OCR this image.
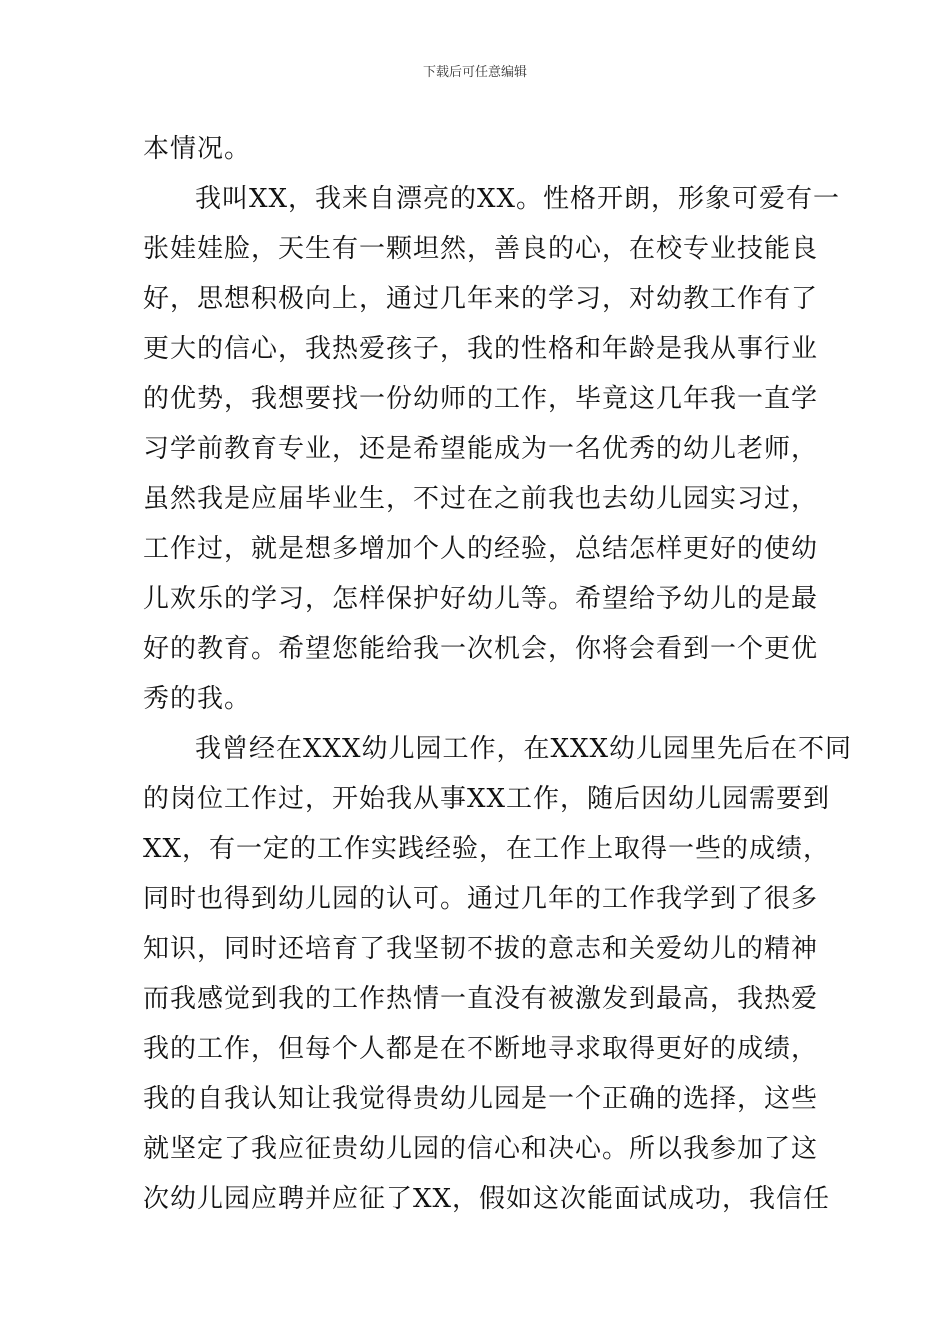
下载后可任意编辑
本情况。
我叫XX，我来自漂亮的XX。性格开朗，形象可爱有一
张娃娃脸，天生有一颗坦然，善良的心，在校专业技能良
好，思想积极向上，通过几年来的学习，对幼教工作有了
更大的信心，我热爱孩子，我的性格和年龄是我从事行业
的优势，我想要找一份幼师的工作，毕竟这几年我一直学
习学前教育专业，还是希望能成为一名优秀的幼儿老师，
虽然我是应届毕业生，不过在之前我也去幼儿园实习过，
工作过，就是想多增加个人的经验，总结怎样更好的使幼
儿欢乐的学习，怎样保护好幼儿等。希望给予幼儿的是最
好的教育。希望您能给我一次机会，你将会看到一个更优
秀的我。
我曾经在XXX幼儿园工作，在XXX幼儿园里先后在不同
的岗位工作过，开始我从事XX工作，随后因幼儿园需要到
XX，有一定的工作实践经验，在工作上取得一些的成绩，
同时也得到幼儿园的认可。通过几年的工作我学到了很多
知识，同时还培育了我坚韧不拔的意志和关爱幼儿的精神
而我感觉到我的工作热情一直没有被激发到最高，我热爱
我的工作，但每个人都是在不断地寻求取得更好的成绩，
我的自我认知让我觉得贵幼儿园是一个正确的选择，这些
就坚定了我应征贵幼儿园的信心和决心。所以我参加了这
次幼儿园应聘并应征了XX，假如这次能面试成功，我信任
